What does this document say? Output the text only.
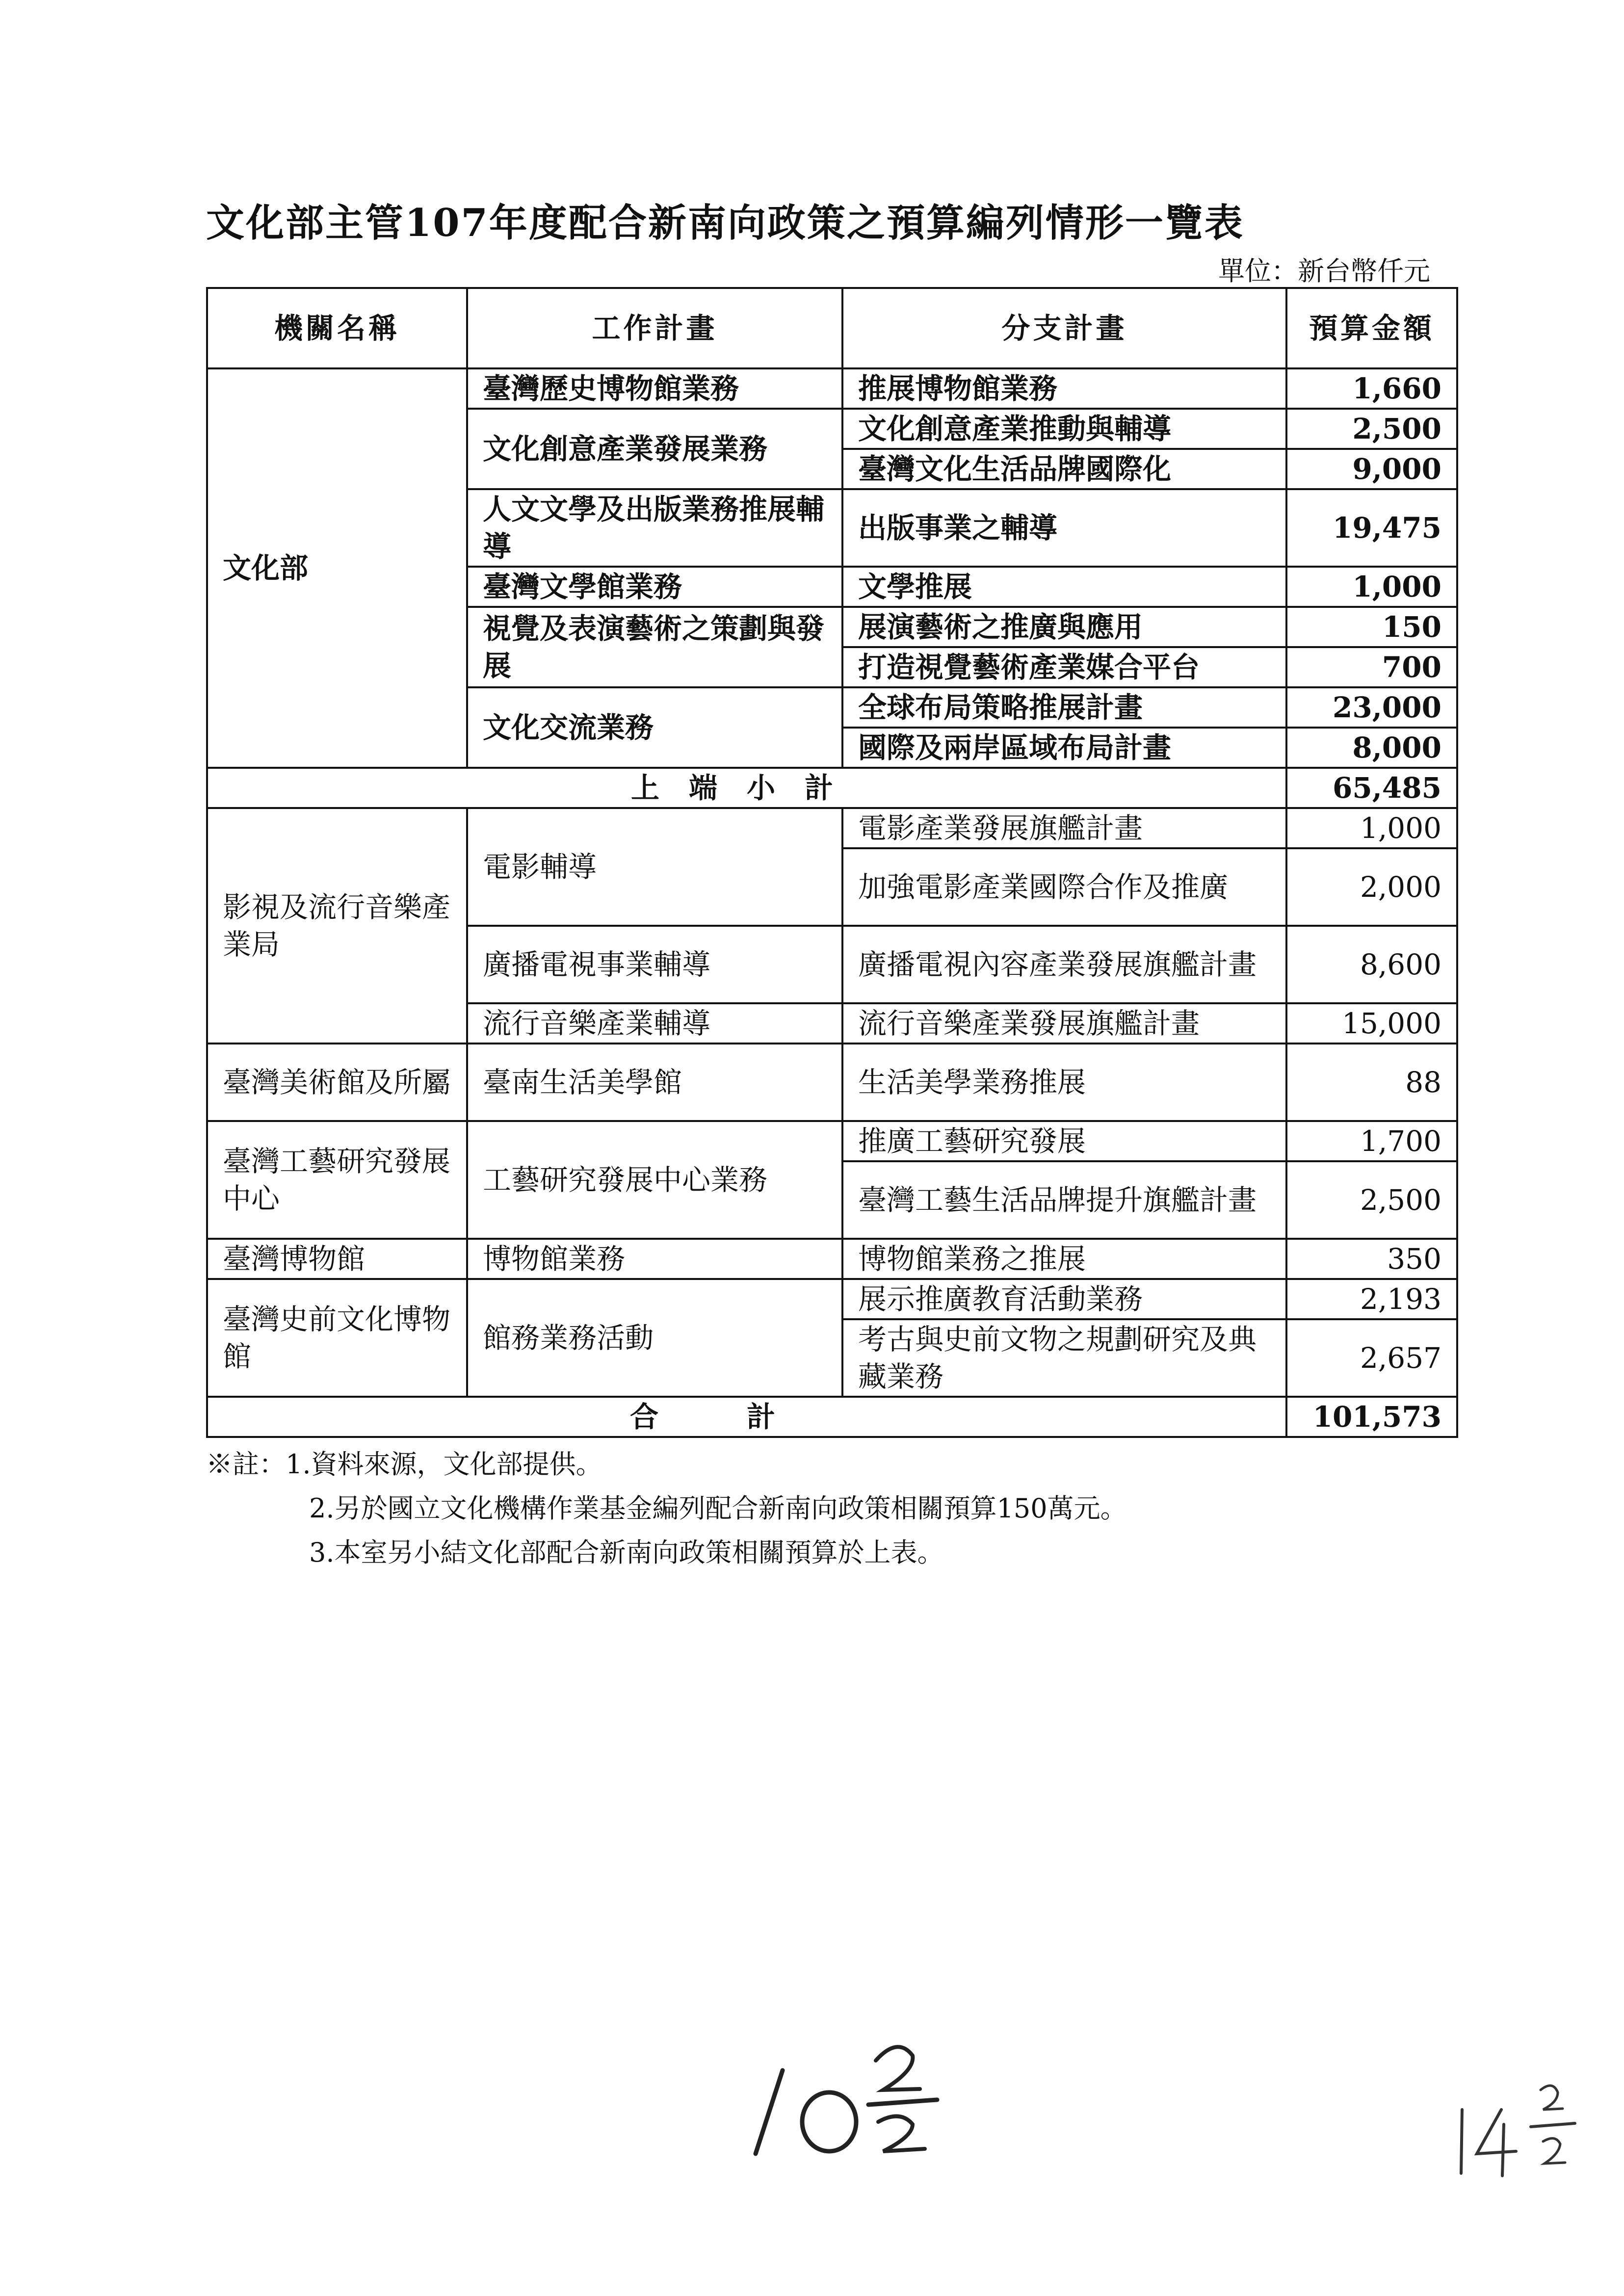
文化部主管107年度配合新南向政策之預算編列情形一覽表
單位：新台幣仟元
機關名稱	工作計畫	分支計畫	預算金額
文化部	臺灣歷史博物館業務	推展博物館業務	1,660
	文化創意產業發展業務	文化創意產業推動與輔導	2,500
		臺灣文化生活品牌國際化	9,000
	人文文學及出版業務推展輔導	出版事業之輔導	19,475
	臺灣文學館業務	文學推展	1,000
	視覺及表演藝術之策劃與發展	展演藝術之推廣與應用	150
		打造視覺藝術產業媒合平台	700
	文化交流業務	全球布局策略推展計畫	23,000
		國際及兩岸區域布局計畫	8,000
上端小計			65,485
影視及流行音樂產業局	電影輔導	電影產業發展旗艦計畫	1,000
		加強電影產業國際合作及推廣	2,000
	廣播電視事業輔導	廣播電視內容產業發展旗艦計畫	8,600
	流行音樂產業輔導	流行音樂產業發展旗艦計畫	15,000
臺灣美術館及所屬	臺南生活美學館	生活美學業務推展	88
臺灣工藝研究發展中心	工藝研究發展中心業務	推廣工藝研究發展	1,700
		臺灣工藝生活品牌提升旗艦計畫	2,500
臺灣博物館	博物館業務	博物館業務之推展	350
臺灣史前文化博物館	館務業務活動	展示推廣教育活動業務	2,193
		考古與史前文物之規劃研究及典藏業務	2,657
合計			101,573
※註：1.資料來源，文化部提供。
2.另於國立文化機構作業基金編列配合新南向政策相關預算150萬元。
3.本室另小結文化部配合新南向政策相關預算於上表。
